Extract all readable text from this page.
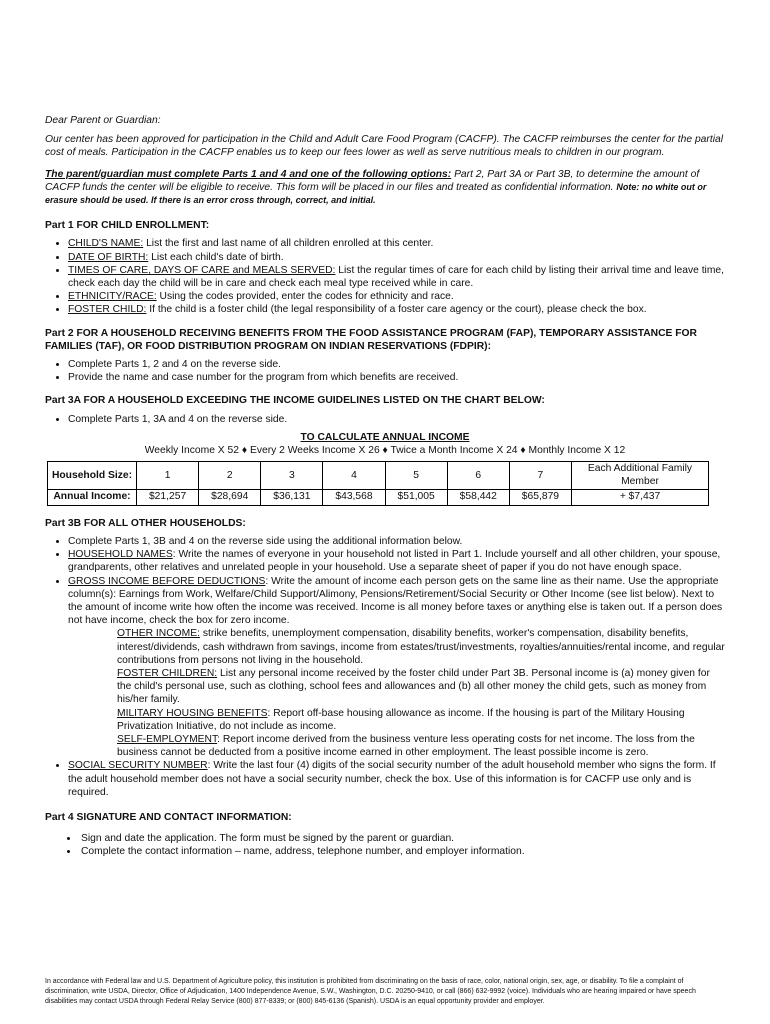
Dear Parent or Guardian:

Our center has been approved for participation in the Child and Adult Care Food Program (CACFP). The CACFP reimburses the center for the partial cost of meals. Participation in the CACFP enables us to keep our fees lower as well as serve nutritious meals to children in our program.

The parent/guardian must complete Parts 1 and 4 and one of the following options: Part 2, Part 3A or Part 3B, to determine the amount of CACFP funds the center will be eligible to receive. This form will be placed in our files and treated as confidential information. Note: no white out or erasure should be used. If there is an error cross through, correct, and initial.

Part 1 FOR CHILD ENROLLMENT:
• CHILD'S NAME: List the first and last name of all children enrolled at this center.
• DATE OF BIRTH: List each child's date of birth.
• TIMES OF CARE, DAYS OF CARE and MEALS SERVED: List the regular times of care for each child by listing their arrival time and leave time, check each day the child will be in care and check each meal type received while in care.
• ETHNICITY/RACE: Using the codes provided, enter the codes for ethnicity and race.
• FOSTER CHILD: If the child is a foster child (the legal responsibility of a foster care agency or the court), please check the box.
Part 2 FOR A HOUSEHOLD RECEIVING BENEFITS FROM THE FOOD ASSISTANCE PROGRAM (FAP), TEMPORARY ASSISTANCE FOR FAMILIES (TAF), OR FOOD DISTRIBUTION PROGRAM ON INDIAN RESERVATIONS (FDPIR):
• Complete Parts 1, 2 and 4 on the reverse side.
• Provide the name and case number for the program from which benefits are received.
Part 3A FOR A HOUSEHOLD EXCEEDING THE INCOME GUIDELINES LISTED ON THE CHART BELOW:
• Complete Parts 1, 3A and 4 on the reverse side.
TO CALCULATE ANNUAL INCOME
Weekly Income X 52 ♦ Every 2 Weeks Income X 26 ♦ Twice a Month Income X 24 ♦ Monthly Income X 12
Household Size:	1	2	3	4	5	6	7	Each Additional Family Member
Annual Income:	$21,257	$28,694	$36,131	$43,568	$51,005	$58,442	$65,879	+ $7,437
Part 3B FOR ALL OTHER HOUSEHOLDS:
• Complete Parts 1, 3B and 4 on the reverse side using the additional information below.
• HOUSEHOLD NAMES: Write the names of everyone in your household not listed in Part 1. Include yourself and all other children, your spouse, grandparents, other relatives and unrelated people in your household. Use a separate sheet of paper if you do not have enough space.
• GROSS INCOME BEFORE DEDUCTIONS: Write the amount of income each person gets on the same line as their name. Use the appropriate column(s): Earnings from Work, Welfare/Child Support/Alimony, Pensions/Retirement/Social Security or Other Income (see list below). Next to the amount of income write how often the income was received. Income is all money before taxes or anything else is taken out. If a person does not have income, check the box for zero income.
OTHER INCOME: strike benefits, unemployment compensation, disability benefits, worker's compensation, disability benefits, interest/dividends, cash withdrawn from savings, income from estates/trust/investments, royalties/annuities/rental income, and regular contributions from persons not living in the household.
FOSTER CHILDREN: List any personal income received by the foster child under Part 3B. Personal income is (a) money given for the child's personal use, such as clothing, school fees and allowances and (b) all other money the child gets, such as money from his/her family.
MILITARY HOUSING BENEFITS: Report off-base housing allowance as income. If the housing is part of the Military Housing Privatization Initiative, do not include as income.
SELF-EMPLOYMENT: Report income derived from the business venture less operating costs for net income. The loss from the business cannot be deducted from a positive income earned in other employment. The least possible income is zero.
• SOCIAL SECURITY NUMBER: Write the last four (4) digits of the social security number of the adult household member who signs the form. If the adult household member does not have a social security number, check the box. Use of this information is for CACFP use only and is required.
Part 4 SIGNATURE AND CONTACT INFORMATION:
• Sign and date the application. The form must be signed by the parent or guardian.
• Complete the contact information – name, address, telephone number, and employer information.
In accordance with Federal law and U.S. Department of Agriculture policy, this institution is prohibited from discriminating on the basis of race, color, national origin, sex, age, or disability. To file a complaint of discrimination, write USDA, Director, Office of Adjudication, 1400 Independence Avenue, S.W., Washington, D.C. 20250-9410, or call (866) 632-9992 (voice). Individuals who are hearing impaired or have speech disabilities may contact USDA through Federal Relay Service (800) 877-8339; or (800) 845-6136 (Spanish). USDA is an equal opportunity provider and employer.
